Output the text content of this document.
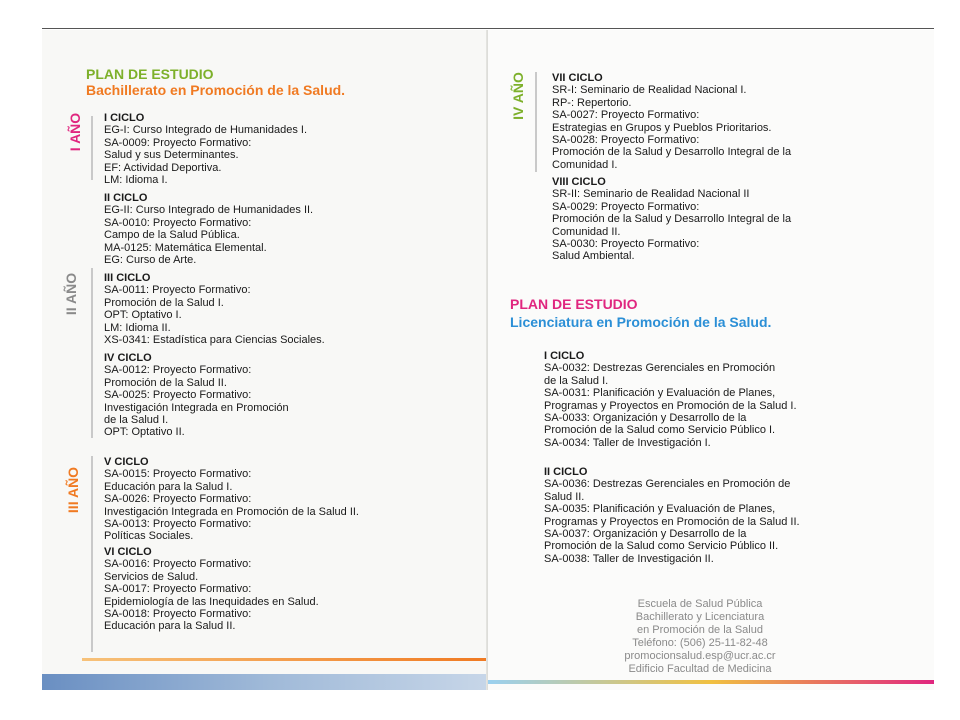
PLAN DE ESTUDIO
Bachillerato en Promoción de la Salud.
I AÑO
II AÑO
III AÑO
I CICLO
EG-I: Curso Integrado de Humanidades I.
SA-0009: Proyecto Formativo:
Salud y sus Determinantes.
EF: Actividad Deportiva.
LM: Idioma I.
II CICLO
EG-II: Curso Integrado de Humanidades II.
SA-0010: Proyecto Formativo:
Campo de la Salud Pública.
MA-0125: Matemática Elemental.
EG: Curso de Arte.
III CICLO
SA-0011: Proyecto Formativo:
Promoción de la Salud I.
OPT: Optativo I.
LM: Idioma II.
XS-0341: Estadística para Ciencias Sociales.
IV CICLO
SA-0012: Proyecto Formativo:
Promoción de la Salud II.
SA-0025: Proyecto Formativo:
Investigación Integrada en Promoción
de la Salud I.
OPT: Optativo II.
V CICLO
SA-0015: Proyecto Formativo:
Educación para la Salud I.
SA-0026: Proyecto Formativo:
Investigación Integrada en Promoción de la Salud II.
SA-0013: Proyecto Formativo:
Políticas Sociales.
VI CICLO
SA-0016: Proyecto Formativo:
Servicios de Salud.
SA-0017: Proyecto Formativo:
Epidemiología de las Inequidades en Salud.
SA-0018: Proyecto Formativo:
Educación para la Salud II.
IV AÑO VII CICLO
SR-I: Seminario de Realidad Nacional I.
RP-: Repertorio.
SA-0027: Proyecto Formativo:
Estrategias en Grupos y Pueblos Prioritarios.
SA-0028: Proyecto Formativo:
Promoción de la Salud y Desarrollo Integral de la
Comunidad I.
VIII CICLO
SR-II: Seminario de Realidad Nacional II
SA-0029: Proyecto Formativo:
Promoción de la Salud y Desarrollo Integral de la
Comunidad II.
SA-0030: Proyecto Formativo:
Salud Ambiental.
PLAN DE ESTUDIO
Licenciatura en Promoción de la Salud.
I CICLO
SA-0032: Destrezas Gerenciales en Promoción
de la Salud I.
SA-0031: Planificación y Evaluación de Planes,
Programas y Proyectos en Promoción de la Salud I.
SA-0033: Organización y Desarrollo de la
Promoción de la Salud como Servicio Público I.
SA-0034: Taller de Investigación I.
II CICLO
SA-0036: Destrezas Gerenciales en Promoción de
Salud II.
SA-0035: Planificación y Evaluación de Planes,
Programas y Proyectos en Promoción de la Salud II.
SA-0037: Organización y Desarrollo de la
Promoción de la Salud como Servicio Público II.
SA-0038: Taller de Investigación II.
Escuela de Salud Pública
Bachillerato y Licenciatura
en Promoción de la Salud
Teléfono: (506) 25-11-82-48
promocionsalud.esp@ucr.ac.cr
Edificio Facultad de Medicina
